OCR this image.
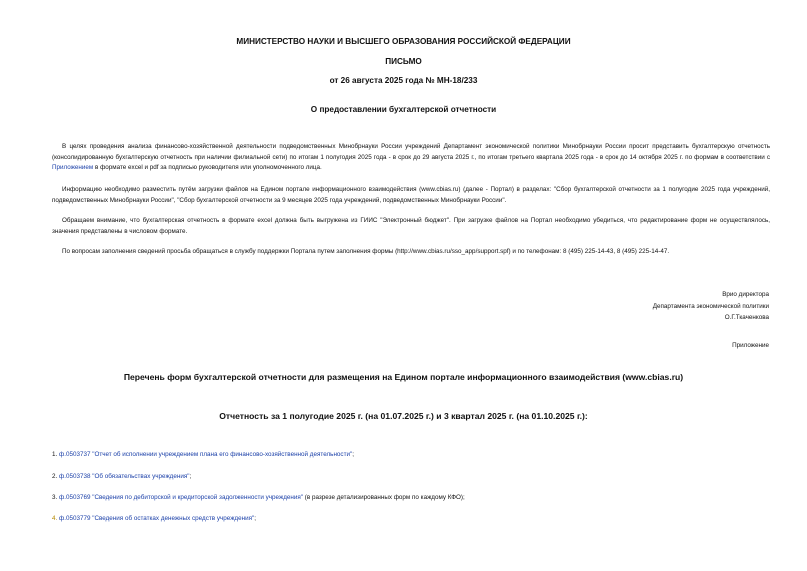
МИНИСТЕРСТВО НАУКИ И ВЫСШЕГО ОБРАЗОВАНИЯ РОССИЙСКОЙ ФЕДЕРАЦИИ
ПИСЬМО
от 26 августа 2025 года № МН-18/233
О предоставлении бухгалтерской отчетности
В целях проведения анализа финансово-хозяйственной деятельности подведомственных Минобрнауки России учреждений Департамент экономической политики Минобрнауки России просит представить бухгалтерскую отчетность (консолидированную бухгалтерскую отчетность при наличии филиальной сети) по итогам 1 полугодия 2025 года - в срок до 29 августа 2025 г., по итогам третьего квартала 2025 года - в срок до 14 октября 2025 г. по формам в соответствии с Приложением в формате excel и pdf за подписью руководителя или уполномоченного лица.
Информацию необходимо разместить путём загрузки файлов на Едином портале информационного взаимодействия (www.cbias.ru) (далее - Портал) в разделах: "Сбор бухгалтерской отчетности за 1 полугодие 2025 года учреждений, подведомственных Минобрнауки России", "Сбор бухгалтерской отчетности за 9 месяцев 2025 года учреждений, подведомственных Минобрнауки России".
Обращаем внимание, что бухгалтерская отчетность в формате excel должна быть выгружена из ГИИС "Электронный бюджет". При загрузке файлов на Портал необходимо убедиться, что редактирование форм не осуществлялось, значения представлены в числовом формате.
По вопросам заполнения сведений просьба обращаться в службу поддержки Портала путем заполнения формы (http://www.cbias.ru/sso_app/support.spf) и по телефонам: 8 (495) 225-14-43, 8 (495) 225-14-47.
Врио директора
Департамента экономической политики
О.Г.Ткаченкова
Приложение
Перечень форм бухгалтерской отчетности для размещения на Едином портале информационного взаимодействия (www.cbias.ru)
Отчетность за 1 полугодие 2025 г. (на 01.07.2025 г.) и 3 квартал 2025 г. (на 01.10.2025 г.):
1. ф.0503737 "Отчет об исполнении учреждением плана его финансово-хозяйственной деятельности";
2. ф.0503738 "Об обязательствах учреждения";
3. ф.0503769 "Сведения по дебиторской и кредиторской задолженности учреждения" (в разрезе детализированных форм по каждому КФО);
4. ф.0503779 "Сведения об остатках денежных средств учреждения";
